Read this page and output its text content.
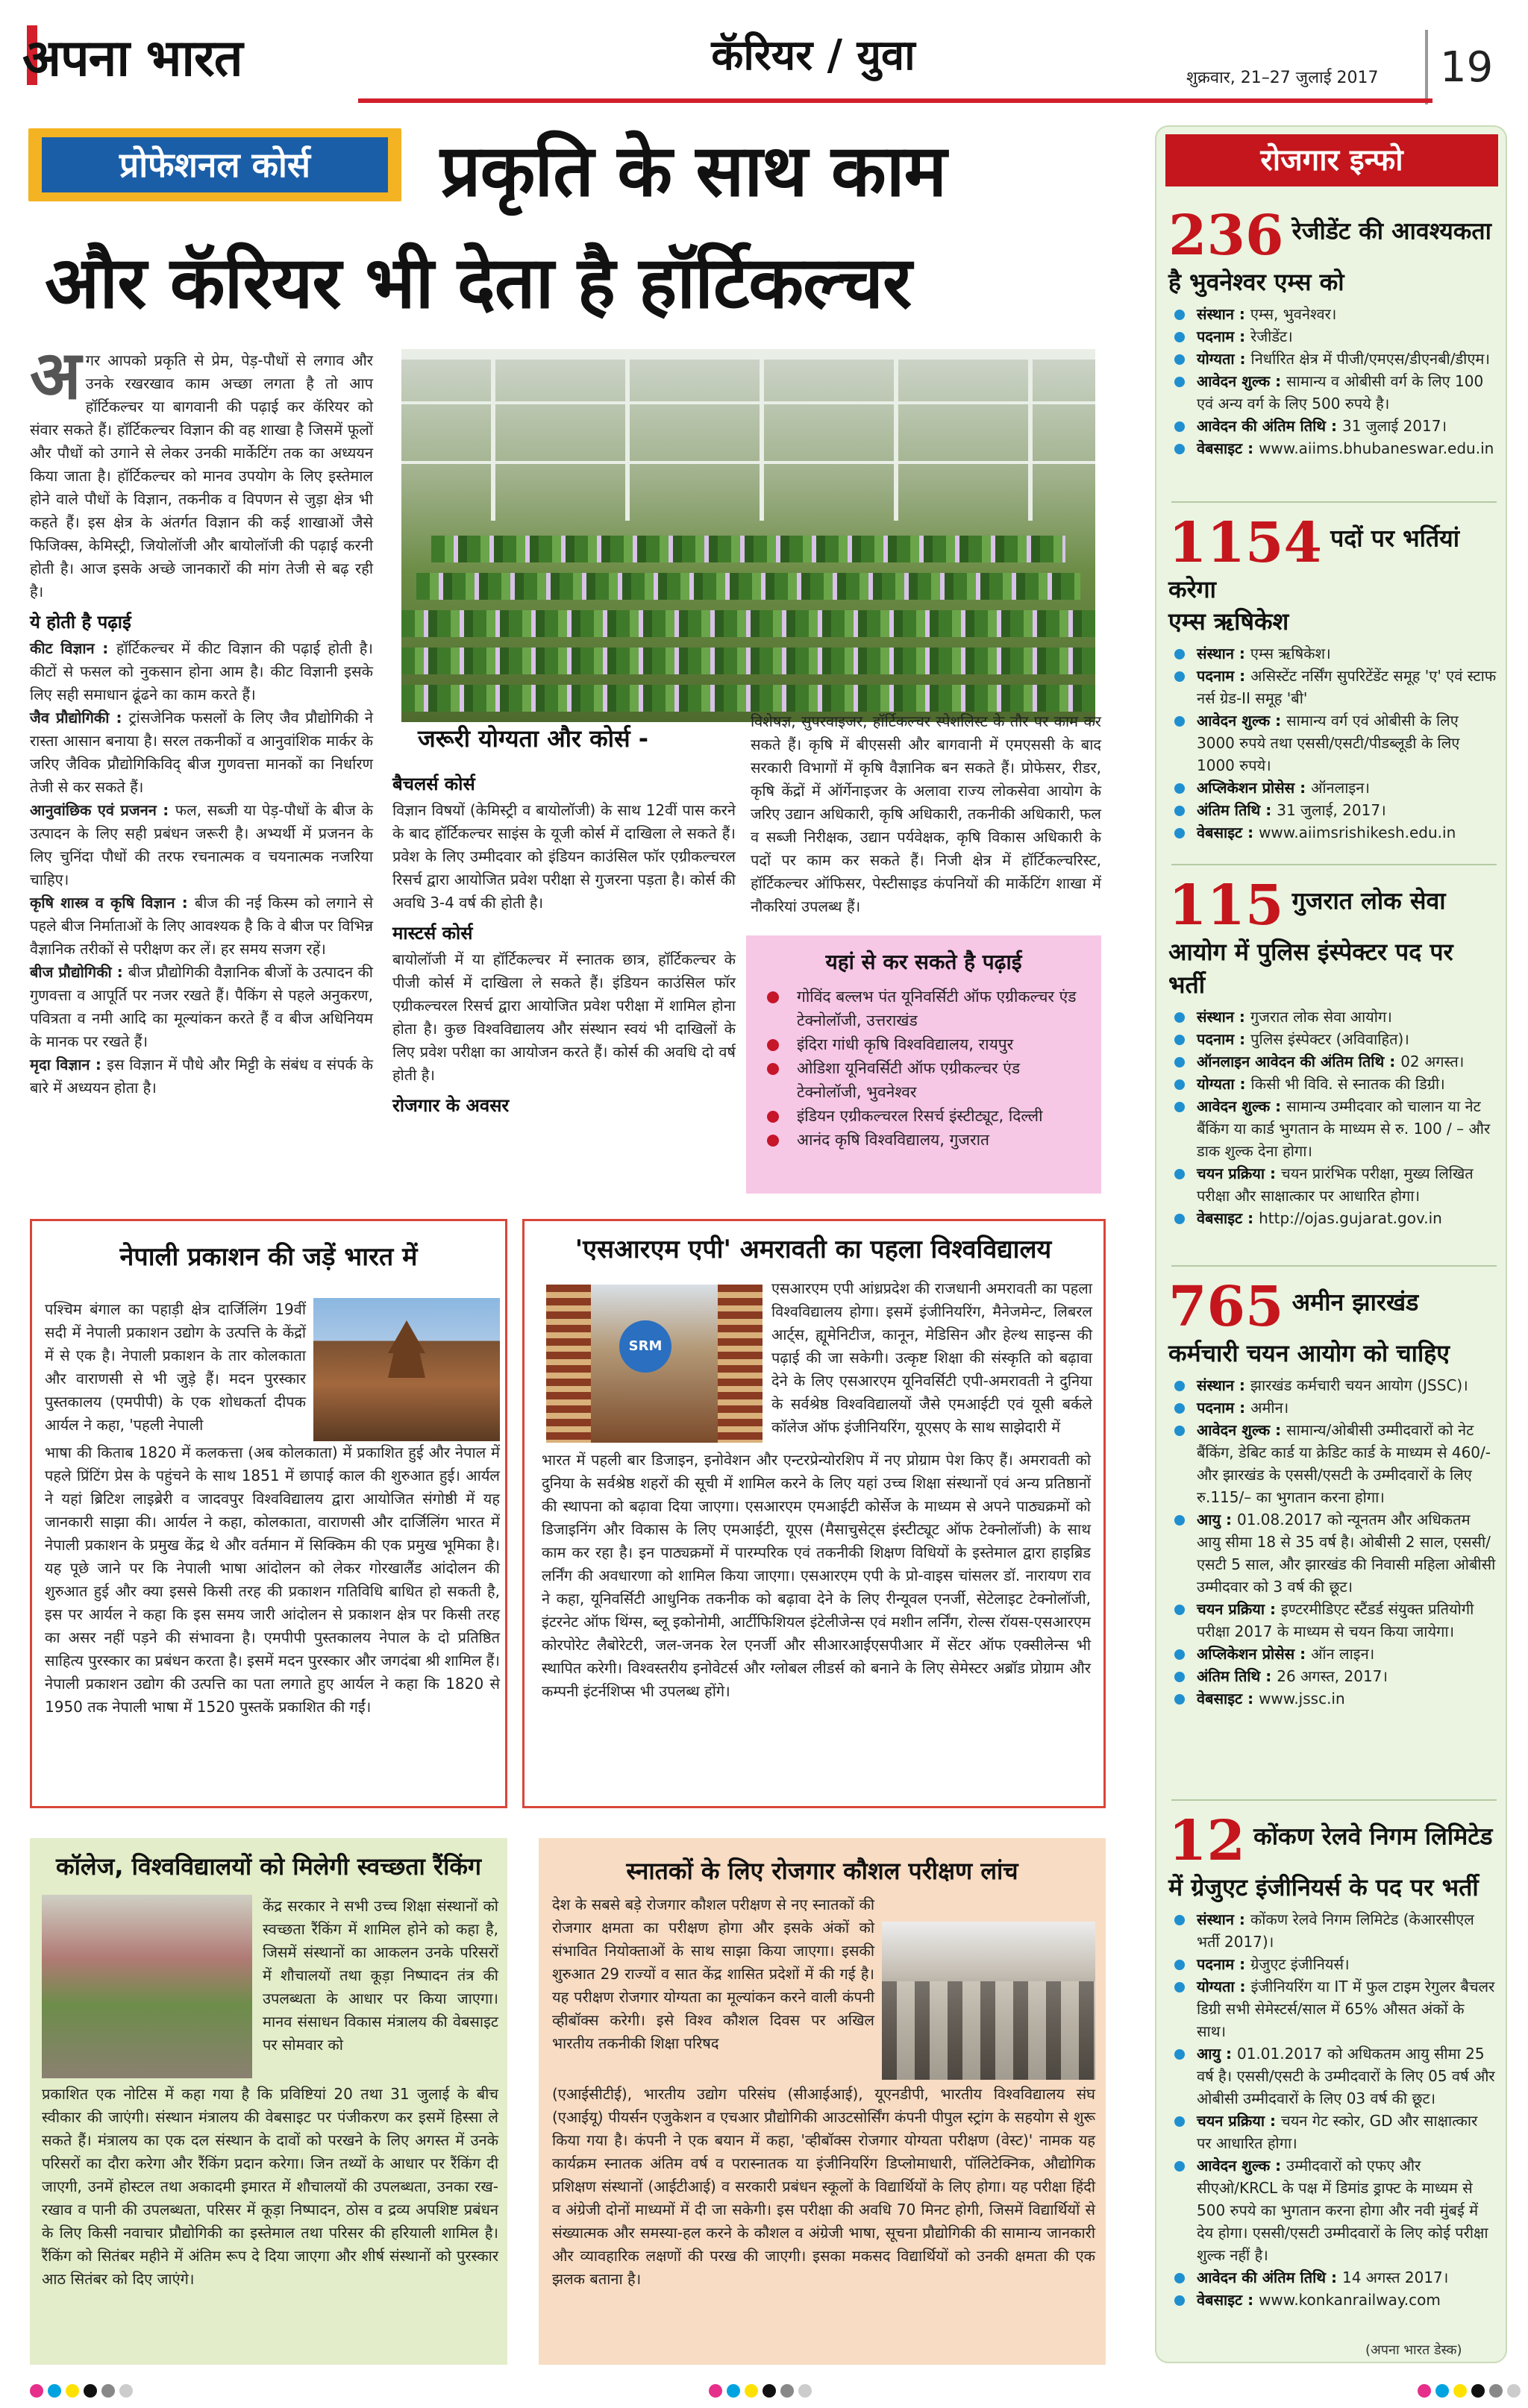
अपना भारत	कॅरियर / युवा	शुक्रवार, 21–27 जुलाई 2017 19
प्रोफेशनल कोर्स	प्रकृति के साथ काम
और कॅरियर भी देता है हॉर्टिकल्चर
अ गर आपको प्रकृति से प्रेम, पेड़-पौधों से लगाव और उनके रखरखाव काम अच्छा लगता है तो आप हॉर्टिकल्चर या बागवानी की पढ़ाई कर कॅरियर को संवार सकते हैं। हॉर्टिकल्चर विज्ञान की वह शाखा है जिसमें फूलों और पौधों को उगाने से लेकर उनकी मार्केटिंग तक का अध्ययन किया जाता है। हॉर्टिकल्चर को मानव उपयोग के लिए इस्तेमाल होने वाले पौधों के विज्ञान, तकनीक व विपणन से जुड़ा क्षेत्र भी कहते हैं। इस क्षेत्र के अंतर्गत विज्ञान की कई शाखाओं जैसे फिजिक्स, केमिस्ट्री, जियोलॉजी और बायोलॉजी की पढ़ाई करनी होती है। आज इसके अच्छे जानकारों की मांग तेजी से बढ़ रही है।

ये होती है पढ़ाई

कीट विज्ञान : हॉर्टिकल्चर में कीट विज्ञान की पढ़ाई होती है। कीटों से फसल को नुकसान होना आम है। कीट विज्ञानी इसके लिए सही समाधान ढूंढने का काम करते हैं।

जैव प्रौद्योगिकी : ट्रांसजेनिक फसलों के लिए जैव प्रौद्योगिकी ने रास्ता आसान बनाया है। सरल तकनीकों व आनुवांशिक मार्कर के जरिए जैविक प्रौद्योगिकिविद् बीज गुणवत्ता मानकों का निर्धारण तेजी से कर सकते हैं।

आनुवांछिक एवं प्रजनन : फल, सब्जी या पेड़-पौधों के बीज के उत्पादन के लिए सही प्रबंधन जरूरी है। अभ्यर्थी में प्रजनन के लिए चुनिंदा पौधों की तरफ रचनात्मक व चयनात्मक नजरिया चाहिए।

कृषि शास्त्र व कृषि विज्ञान : बीज की नई किस्म को लगाने से पहले बीज निर्माताओं के लिए आवश्यक है कि वे बीज पर विभिन्न वैज्ञानिक तरीकों से परीक्षण कर लें। हर समय सजग रहें।

बीज प्रौद्योगिकी : बीज प्रौद्योगिकी वैज्ञानिक बीजों के उत्पादन की गुणवत्ता व आपूर्ति पर नजर रखते हैं। पैकिंग से पहले अनुकरण, पवित्रता व नमी आदि का मूल्यांकन करते हैं व बीज अधिनियम के मानक पर रखते हैं।

मृदा विज्ञान : इस विज्ञान में पौधे और मिट्टी के संबंध व संपर्क के बारे में अध्ययन होता है।

जरूरी योग्यता और कोर्स -
बैचलर्स कोर्स

विज्ञान विषयों (केमिस्ट्री व बायोलॉजी) के साथ 12वीं पास करने के बाद हॉर्टिकल्चर साइंस के यूजी कोर्स में दाखिला ले सकते हैं। प्रवेश के लिए उम्मीदवार को इंडियन काउंसिल फॉर एग्रीकल्चरल रिसर्च द्वारा आयोजित प्रवेश परीक्षा से गुजरना पड़ता है। कोर्स की अवधि 3-4 वर्ष की होती है।

मास्टर्स कोर्स

बायोलॉजी में या हॉर्टिकल्चर में स्नातक छात्र, हॉर्टिकल्चर के पीजी कोर्स में दाखिला ले सकते हैं। इंडियन काउंसिल फॉर एग्रीकल्चरल रिसर्च द्वारा आयोजित प्रवेश परीक्षा में शामिल होना होता है। कुछ विश्वविद्यालय और संस्थान स्वयं भी दाखिलों के लिए प्रवेश परीक्षा का आयोजन करते हैं। कोर्स की अवधि दो वर्ष होती है।

रोजगार के अवसर

विशेषज्ञ, सुपरवाइजर, हॉर्टिकल्चर स्पेशलिस्ट के तौर पर काम कर सकते हैं। कृषि में बीएससी और बागवानी में एमएससी के बाद सरकारी विभागों में कृषि वैज्ञानिक बन सकते हैं। प्रोफेसर, रीडर, कृषि केंद्रों में ऑर्गेनाइजर के अलावा राज्य लोकसेवा आयोग के जरिए उद्यान अधिकारी, कृषि अधिकारी, तकनीकी अधिकारी, फल व सब्जी निरीक्षक, उद्यान पर्यवेक्षक, कृषि विकास अधिकारी के पदों पर काम कर सकते हैं। निजी क्षेत्र में हॉर्टिकल्चरिस्ट, हॉर्टिकल्चर ऑफिसर, पेस्टीसाइड कंपनियों की मार्केटिंग शाखा में नौकरियां उपलब्ध हैं।

यहां से कर सकते है पढ़ाई
गोविंद बल्लभ पंत यूनिवर्सिटी ऑफ एग्रीकल्चर एंड टेक्नोलॉजी, उत्तराखंड
इंदिरा गांधी कृषि विश्वविद्यालय, रायपुर
ओडिशा यूनिवर्सिटी ऑफ एग्रीकल्चर एंड टेक्नोलॉजी, भुवनेश्वर
इंडियन एग्रीकल्चरल रिसर्च इंस्टीट्यूट, दिल्ली
आनंद कृषि विश्वविद्यालय, गुजरात
रोजगार इन्फो
236 रेजीडेंट की आवश्यकता
है भुवनेश्वर एम्स को
संस्थान : एम्स, भुवनेश्वर।
पदनाम : रेजीडेंट।
योग्यता : निर्धारित क्षेत्र में पीजी/एमएस/डीएनबी/डीएम।
आवेदन शुल्क : सामान्य व ओबीसी वर्ग के लिए 100 एवं अन्य वर्ग के लिए 500 रुपये है।
आवेदन की अंतिम तिथि : 31 जुलाई 2017।
वेबसाइट : www.aiims.bhubaneswar.edu.in
1154 पदों पर भर्तियां करेगा
एम्स ऋषिकेश
संस्थान : एम्स ऋषिकेश।
पदनाम : असिस्टेंट नर्सिंग सुपरिटेंडेंट समूह 'ए' एवं स्टाफ नर्स ग्रेड-II समूह 'बी'
आवेदन शुल्क : सामान्य वर्ग एवं ओबीसी के लिए 3000 रुपये तथा एससी/एसटी/पीडब्लूडी के लिए 1000 रुपये।
अप्लिकेशन प्रोसेस : ऑनलाइन।
अंतिम तिथि : 31 जुलाई, 2017।
वेबसाइट : www.aiimsrishikesh.edu.in
115 गुजरात लोक सेवा
आयोग में पुलिस इंस्पेक्टर पद पर भर्ती
संस्थान : गुजरात लोक सेवा आयोग।
पदनाम : पुलिस इंस्पेक्टर (अविवाहित)।
ऑनलाइन आवेदन की अंतिम तिथि : 02 अगस्त।
योग्यता : किसी भी विवि. से स्नातक की डिग्री।
आवेदन शुल्क : सामान्य उम्मीदवार को चालान या नेट बैंकिंग या कार्ड भुगतान के माध्यम से रु. 100 / – और डाक शुल्क देना होगा।
चयन प्रक्रिया : चयन प्रारंभिक परीक्षा, मुख्य लिखित परीक्षा और साक्षात्कार पर आधारित होगा।
वेबसाइट : http://ojas.gujarat.gov.in
765 अमीन झारखंड
कर्मचारी चयन आयोग को चाहिए
संस्थान : झारखंड कर्मचारी चयन आयोग (JSSC)।
पदनाम : अमीन।
आवेदन शुल्क : सामान्य/ओबीसी उम्मीदवारों को नेट बैंकिंग, डेबिट कार्ड या क्रेडिट कार्ड के माध्यम से 460/- और झारखंड के एससी/एसटी के उम्मीदवारों के लिए रु.115/– का भुगतान करना होगा।
आयु : 01.08.2017 को न्यूनतम और अधिकतम आयु सीमा 18 से 35 वर्ष है। ओबीसी 2 साल, एससी/एसटी 5 साल, और झारखंड की निवासी महिला ओबीसी उम्मीदवार को 3 वर्ष की छूट।
चयन प्रक्रिया : इण्टरमीडिएट स्टैंडर्ड संयुक्त प्रतियोगी परीक्षा 2017 के माध्यम से चयन किया जायेगा।
अप्लिकेशन प्रोसेस : ऑन लाइन।
अंतिम तिथि : 26 अगस्त, 2017।
वेबसाइट : www.jssc.in
12 कोंकण रेलवे निगम लिमिटेड
में ग्रेजुएट इंजीनियर्स के पद पर भर्ती
संस्थान : कोंकण रेलवे निगम लिमिटेड (केआरसीएल भर्ती 2017)।
पदनाम : ग्रेजुएट इंजीनियर्स।
योग्यता : इंजीनियरिंग या IT में फुल टाइम रेगुलर बैचलर डिग्री सभी सेमेस्टर्स/साल में 65% औसत अंकों के साथ।
आयु : 01.01.2017 को अधिकतम आयु सीमा 25 वर्ष है। एससी/एसटी के उम्मीदवारों के लिए 05 वर्ष और ओबीसी उम्मीदवारों के लिए 03 वर्ष की छूट।
चयन प्रक्रिया : चयन गेट स्कोर, GD और साक्षात्कार पर आधारित होगा।
आवेदन शुल्क : उम्मीदवारों को एफए और सीएओ/KRCL के पक्ष में डिमांड ड्राफ्ट के माध्यम से 500 रुपये का भुगतान करना होगा और नवी मुंबई में देय होगा। एससी/एसटी उम्मीदवारों के लिए कोई परीक्षा शुल्क नहीं है।
आवेदन की अंतिम तिथि : 14 अगस्त 2017।
वेबसाइट : www.konkanrailway.com
नेपाली प्रकाशन की जड़ें भारत में
पश्चिम बंगाल का पहाड़ी क्षेत्र दार्जिलिंग 19वीं सदी में नेपाली प्रकाशन उद्योग के उत्पत्ति के केंद्रों में से एक है। नेपाली प्रकाशन के तार कोलकाता और वाराणसी से भी जुड़े हैं। मदन पुरस्कार पुस्तकालय (एमपीपी) के एक शोधकर्ता दीपक आर्यल ने कहा, 'पहली नेपाली
भाषा की किताब 1820 में कलकत्ता (अब कोलकाता) में प्रकाशित हुई और नेपाल में पहले प्रिंटिंग प्रेस के पहुंचने के साथ 1851 में छापाई काल की शुरुआत हुई। आर्यल ने यहां ब्रिटिश लाइब्रेरी व जादवपुर विश्वविद्यालय द्वारा आयोजित संगोष्ठी में यह जानकारी साझा की। आर्यल ने कहा, कोलकाता, वाराणसी और दार्जिलिंग भारत में नेपाली प्रकाशन के प्रमुख केंद्र थे और वर्तमान में सिक्किम की एक प्रमुख भूमिका है। यह पूछे जाने पर कि नेपाली भाषा आंदोलन को लेकर गोरखालैंड आंदोलन की शुरुआत हुई और क्या इससे किसी तरह की प्रकाशन गतिविधि बाधित हो सकती है, इस पर आर्यल ने कहा कि इस समय जारी आंदोलन से प्रकाशन क्षेत्र पर किसी तरह का असर नहीं पड़ने की संभावना है। एमपीपी पुस्तकालय नेपाल के दो प्रतिष्ठित साहित्य पुरस्कार का प्रबंधन करता है। इसमें मदन पुरस्कार और जगदंबा श्री शामिल हैं। नेपाली प्रकाशन उद्योग की उत्पत्ति का पता लगाते हुए आर्यल ने कहा कि 1820 से 1950 तक नेपाली भाषा में 1520 पुस्तकें प्रकाशित की गईं।
'एसआरएम एपी' अमरावती का पहला विश्वविद्यालय
SRM
एसआरएम एपी आंध्रप्रदेश की राजधानी अमरावती का पहला विश्वविद्यालय होगा। इसमें इंजीनियरिंग, मैनेजमेन्ट, लिबरल आर्ट्स, ह्यूमेनिटीज, कानून, मेडिसिन और हेल्थ साइन्स की पढ़ाई की जा सकेगी। उत्कृष्ट शिक्षा की संस्कृति को बढ़ावा देने के लिए एसआरएम यूनिवर्सिटी एपी-अमरावती ने दुनिया के सर्वश्रेष्ठ विश्वविद्यालयों जैसे एमआईटी एवं यूसी बर्कले कॉलेज ऑफ इंजीनियरिंग, यूएसए के साथ साझेदारी में
भारत में पहली बार डिजाइन, इनोवेशन और एन्टरप्रेन्योरशिप में नए प्रोग्राम पेश किए हैं। अमरावती को दुनिया के सर्वश्रेष्ठ शहरों की सूची में शामिल करने के लिए यहां उच्च शिक्षा संस्थानों एवं अन्य प्रतिष्ठानों की स्थापना को बढ़ावा दिया जाएगा। एसआरएम एमआईटी कोर्सेज के माध्यम से अपने पाठ्यक्रमों को डिजाइनिंग और विकास के लिए एमआईटी, यूएस (मैसाचुसेट्स इंस्टीट्यूट ऑफ टेक्नोलॉजी) के साथ काम कर रहा है। इन पाठ्यक्रमों में पारम्परिक एवं तकनीकी शिक्षण विधियों के इस्तेमाल द्वारा हाइब्रिड लर्निंग की अवधारणा को शामिल किया जाएगा। एसआरएम एपी के प्रो-वाइस चांसलर डॉ. नारायण राव ने कहा, यूनिवर्सिटी आधुनिक तकनीक को बढ़ावा देने के लिए रीन्यूवल एनर्जी, सेटेलाइट टेक्नोलॉजी, इंटरनेट ऑफ थिंग्स, ब्लू इकोनोमी, आर्टीफिशियल इंटेलीजेन्स एवं मशीन लर्निंग, रोल्स रॉयस-एसआरएम कोरपोरेट लैबोरेटरी, जल-जनक रेल एनर्जी और सीआरआईएसपीआर में सेंटर ऑफ एक्सीलेन्स भी स्थापित करेगी। विश्वस्तरीय इनोवेटर्स और ग्लोबल लीडर्स को बनाने के लिए सेमेस्टर अब्रॉड प्रोग्राम और कम्पनी इंटर्नशिप्स भी उपलब्ध होंगे।
कॉलेज, विश्वविद्यालयों को मिलेगी स्वच्छता रैंकिंग
केंद्र सरकार ने सभी उच्च शिक्षा संस्थानों को स्वच्छता रैंकिंग में शामिल होने को कहा है, जिसमें संस्थानों का आकलन उनके परिसरों में शौचालयों तथा कूड़ा निष्पादन तंत्र की उपलब्धता के आधार पर किया जाएगा। मानव संसाधन विकास मंत्रालय की वेबसाइट पर सोमवार को
प्रकाशित एक नोटिस में कहा गया है कि प्रविष्टियां 20 तथा 31 जुलाई के बीच स्वीकार की जाएंगी। संस्थान मंत्रालय की वेबसाइट पर पंजीकरण कर इसमें हिस्सा ले सकते हैं। मंत्रालय का एक दल संस्थान के दावों को परखने के लिए अगस्त में उनके परिसरों का दौरा करेगा और रैंकिंग प्रदान करेगा। जिन तथ्यों के आधार पर रैंकिंग दी जाएगी, उनमें होस्टल तथा अकादमी इमारत में शौचालयों की उपलब्धता, उनका रख-रखाव व पानी की उपलब्धता, परिसर में कूड़ा निष्पादन, ठोस व द्रव्य अपशिष्ट प्रबंधन के लिए किसी नवाचार प्रौद्योगिकी का इस्तेमाल तथा परिसर की हरियाली शामिल है। रैंकिंग को सितंबर महीने में अंतिम रूप दे दिया जाएगा और शीर्ष संस्थानों को पुरस्कार आठ सितंबर को दिए जाएंगे।
स्नातकों के लिए रोजगार कौशल परीक्षण लांच
देश के सबसे बड़े रोजगार कौशल परीक्षण से नए स्नातकों की रोजगार क्षमता का परीक्षण होगा और इसके अंकों को संभावित नियोक्ताओं के साथ साझा किया जाएगा। इसकी शुरुआत 29 राज्यों व सात केंद्र शासित प्रदेशों में की गई है। यह परीक्षण रोजगार योग्यता का मूल्यांकन करने वाली कंपनी व्हीबॉक्स करेगी। इसे विश्व कौशल दिवस पर अखिल भारतीय तकनीकी शिक्षा परिषद
(एआईसीटीई), भारतीय उद्योग परिसंघ (सीआईआई), यूएनडीपी, भारतीय विश्वविद्यालय संघ (एआईयू) पीयर्सन एजुकेशन व एचआर प्रौद्योगिकी आउटसोर्सिंग कंपनी पीपुल स्ट्रांग के सहयोग से शुरू किया गया है। कंपनी ने एक बयान में कहा, 'व्हीबॉक्स रोजगार योग्यता परीक्षण (वेस्ट)' नामक यह कार्यक्रम स्नातक अंतिम वर्ष व परास्नातक या इंजीनियरिंग डिप्लोमाधारी, पॉलिटेक्निक, औद्योगिक प्रशिक्षण संस्थानों (आईटीआई) व सरकारी प्रबंधन स्कूलों के विद्यार्थियों के लिए होगा। यह परीक्षा हिंदी व अंग्रेजी दोनों माध्यमों में दी जा सकेगी। इस परीक्षा की अवधि 70 मिनट होगी, जिसमें विद्यार्थियों से संख्यात्मक और समस्या-हल करने के कौशल व अंग्रेजी भाषा, सूचना प्रौद्योगिकी की सामान्य जानकारी और व्यावहारिक लक्षणों की परख की जाएगी। इसका मकसद विद्यार्थियों को उनकी क्षमता की एक झलक बताना है।
(अपना भारत डेस्क)
